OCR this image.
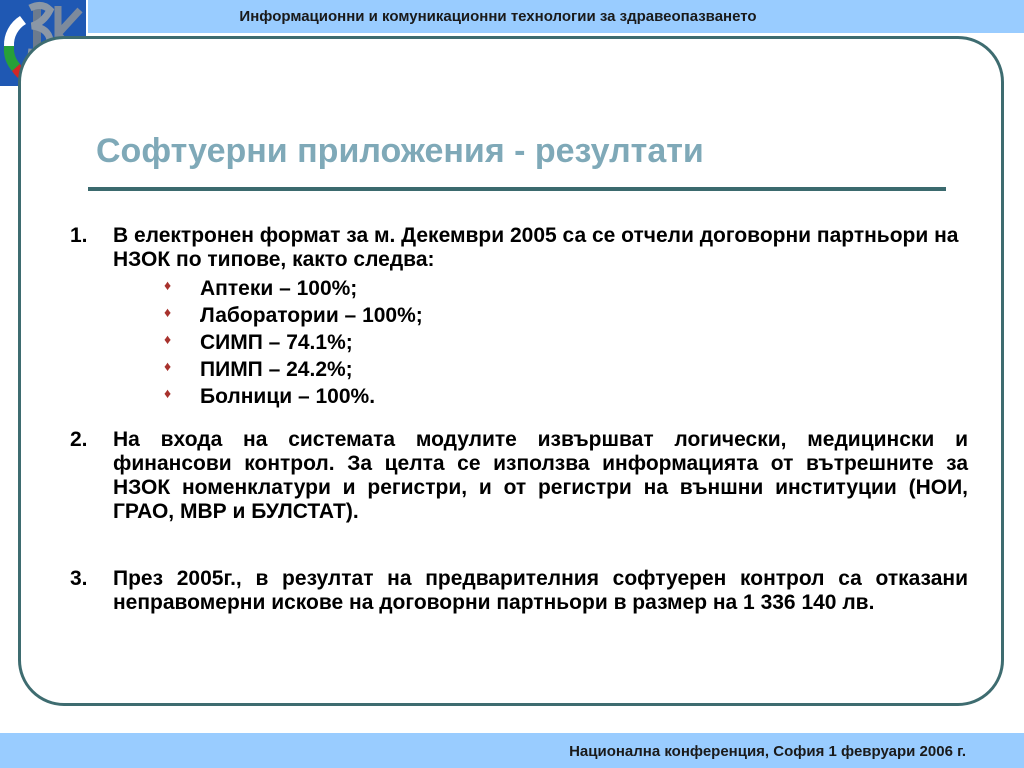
Информационни и комуникационни технологии за здравеопазването
Софтуерни приложения - резултати
1.	В електронен формат за м. Декември 2005 са се отчели договорни партньори на НЗОК по типове, както следва:
♦ Аптеки – 100%;
♦ Лаборатории – 100%;
♦ СИМП – 74.1%;
♦ ПИМП – 24.2%;
♦ Болници – 100%.
2.	На входа на системата модулите извършват логически, медицински и финансови контрол. За целта се използва информацията от вътрешните за НЗОК номенклатури и регистри, и от регистри на външни институции (НОИ, ГРАО, МВР и БУЛСТАТ).
3.	През 2005г., в резултат на предварителния софтуерен контрол са отказани неправомерни искове на договорни партньори в размер на 1 336 140 лв.
Национална конференция, София 1 февруари 2006 г.
